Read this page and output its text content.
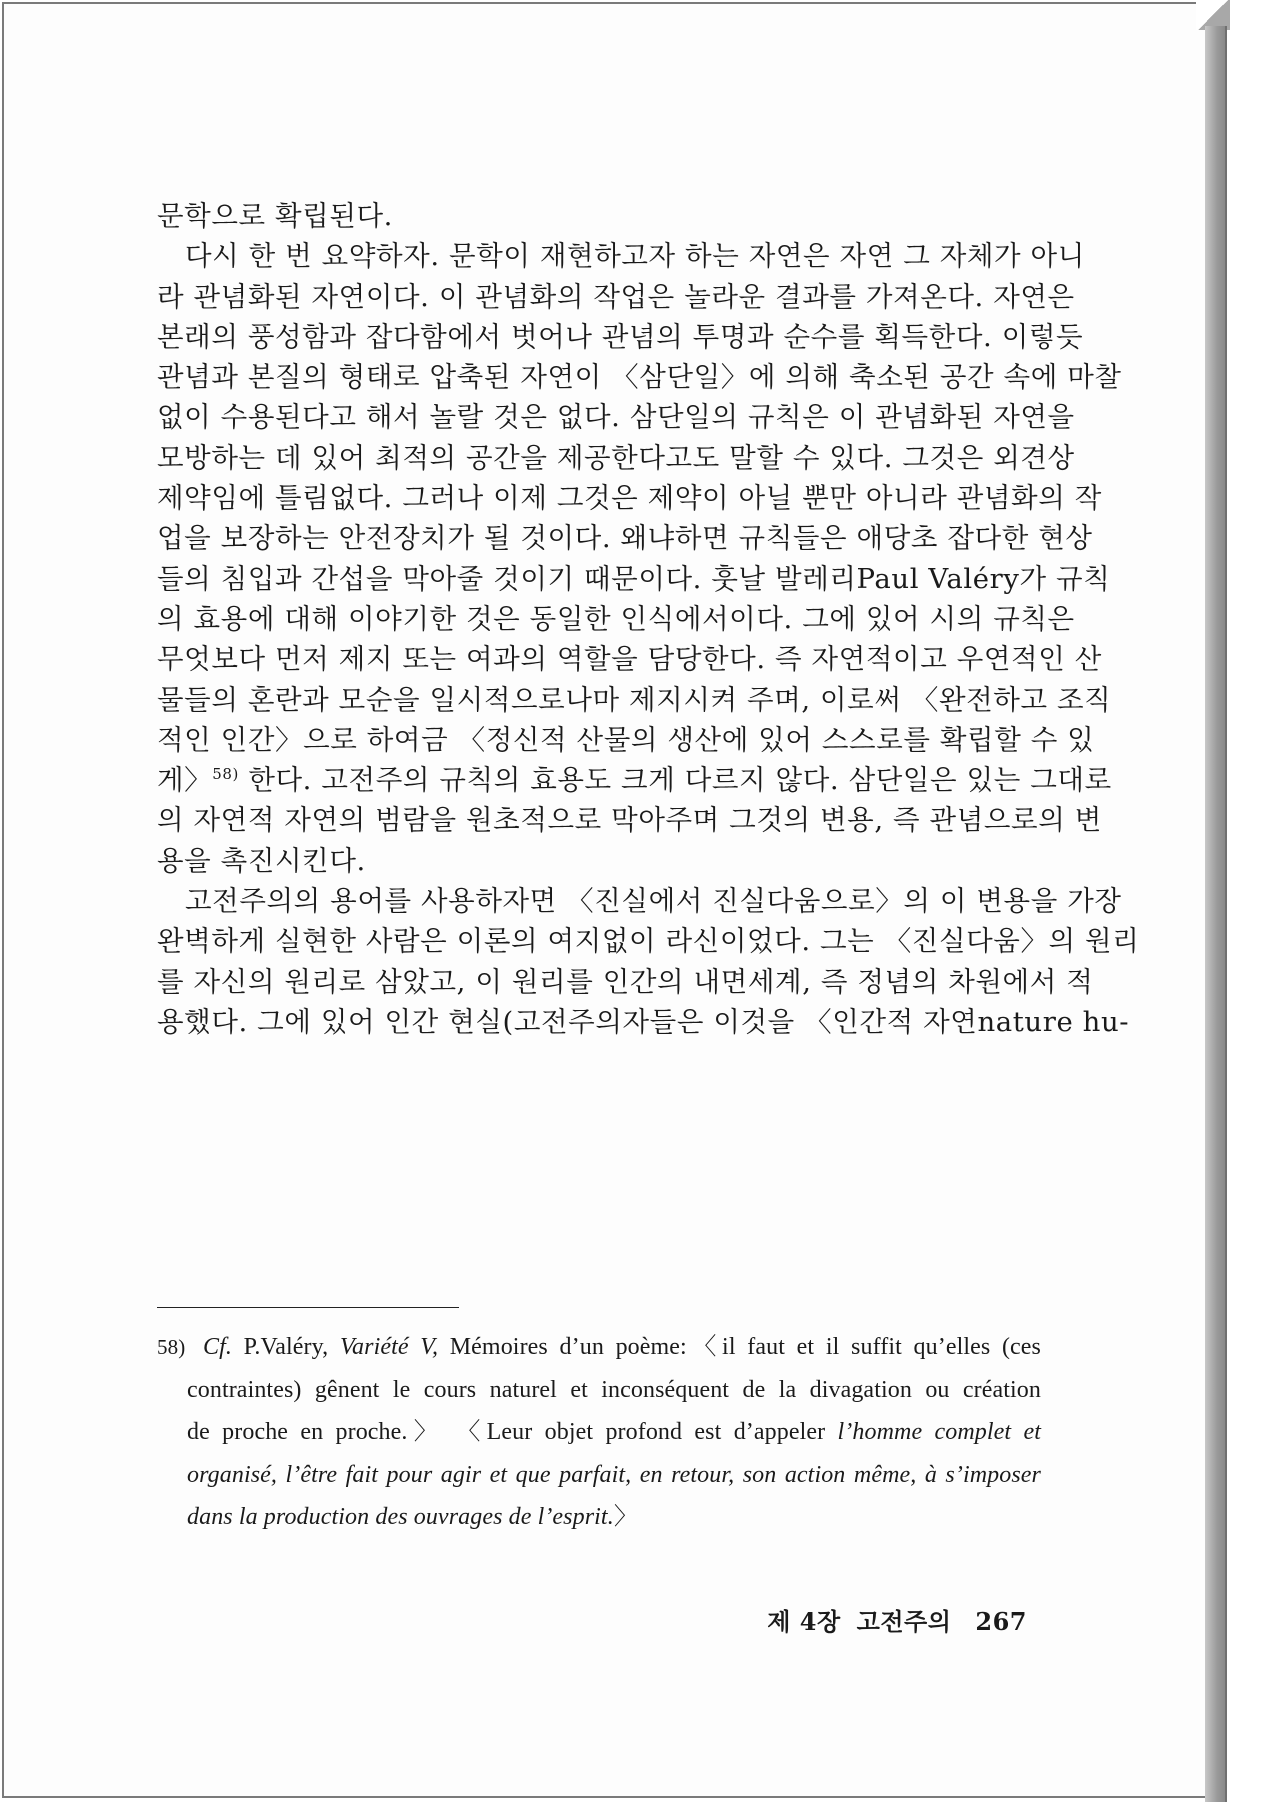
문학으로 확립된다.
다시 한 번 요약하자. 문학이 재현하고자 하는 자연은 자연 그 자체가 아니
라 관념화된 자연이다. 이 관념화의 작업은 놀라운 결과를 가져온다. 자연은
본래의 풍성함과 잡다함에서 벗어나 관념의 투명과 순수를 획득한다. 이렇듯
관념과 본질의 형태로 압축된 자연이 〈삼단일〉에 의해 축소된 공간 속에 마찰
없이 수용된다고 해서 놀랄 것은 없다. 삼단일의 규칙은 이 관념화된 자연을
모방하는 데 있어 최적의 공간을 제공한다고도 말할 수 있다. 그것은 외견상
제약임에 틀림없다. 그러나 이제 그것은 제약이 아닐 뿐만 아니라 관념화의 작
업을 보장하는 안전장치가 될 것이다. 왜냐하면 규칙들은 애당초 잡다한 현상
들의 침입과 간섭을 막아줄 것이기 때문이다. 훗날 발레리Paul Valéry가 규칙
의 효용에 대해 이야기한 것은 동일한 인식에서이다. 그에 있어 시의 규칙은
무엇보다 먼저 제지 또는 여과의 역할을 담당한다. 즉 자연적이고 우연적인 산
물들의 혼란과 모순을 일시적으로나마 제지시켜 주며, 이로써 〈완전하고 조직
적인 인간〉으로 하여금 〈정신적 산물의 생산에 있어 스스로를 확립할 수 있
게〉$^{58)}$ 한다. 고전주의 규칙의 효용도 크게 다르지 않다. 삼단일은 있는 그대로
의 자연적 자연의 범람을 원초적으로 막아주며 그것의 변용, 즉 관념으로의 변
용을 촉진시킨다.
고전주의의 용어를 사용하자면 〈진실에서 진실다움으로〉의 이 변용을 가장
완벽하게 실현한 사람은 이론의 여지없이 라신이었다. 그는 〈진실다움〉의 원리
를 자신의 원리로 삼았고, 이 원리를 인간의 내면세계, 즉 정념의 차원에서 적
용했다. 그에 있어 인간 현실(고전주의자들은 이것을 〈인간적 자연nature hu-
58) Cf. P.Valéry, Variété V, Mémoires d’un poème:〈il faut et il suffit qu’elles (ces
contraintes) gênent le cours naturel et inconséquent de la divagation ou création
de proche en proche.〉 〈Leur objet profond est d’appeler l’homme complet et
organisé, l’être fait pour agir et que parfait, en retour, son action même, à s’imposer
dans la production des ouvrages de l’esprit.〉
제 4장 고전주의 267
